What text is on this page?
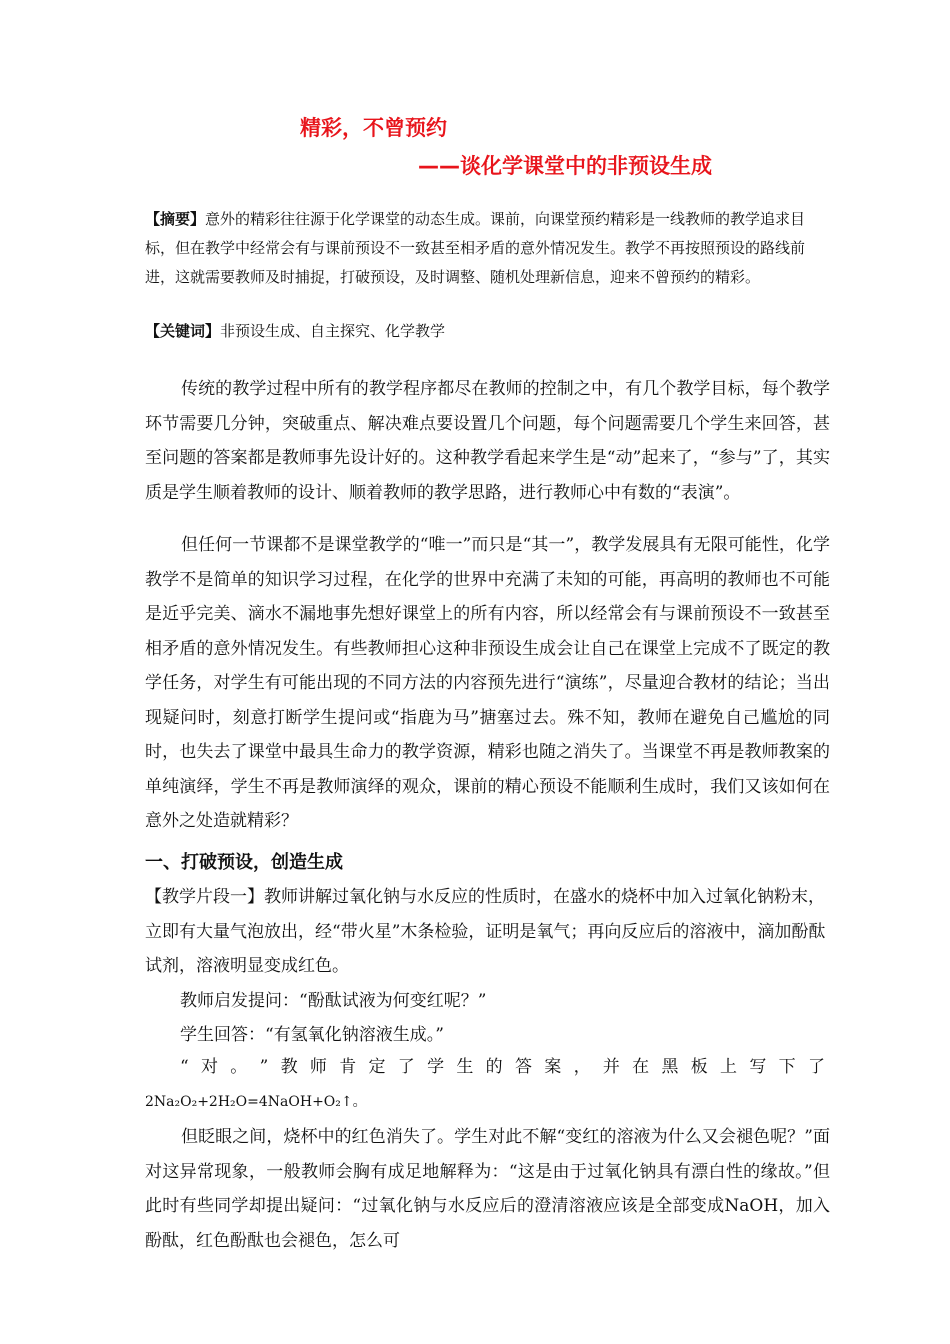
精彩，不曾预约
——谈化学课堂中的非预设生成
【摘要】意外的精彩往往源于化学课堂的动态生成。课前，向课堂预约精彩是一线教师的教学追求目标，但在教学中经常会有与课前预设不一致甚至相矛盾的意外情况发生。教学不再按照预设的路线前进，这就需要教师及时捕捉，打破预设，及时调整、随机处理新信息，迎来不曾预约的精彩。
【关键词】非预设生成、自主探究、化学教学

传统的教学过程中所有的教学程序都尽在教师的控制之中，有几个教学目标，每个教学环节需要几分钟，突破重点、解决难点要设置几个问题，每个问题需要几个学生来回答，甚至问题的答案都是教师事先设计好的。这种教学看起来学生是“动”起来了，“参与”了，其实质是学生顺着教师的设计、顺着教师的教学思路，进行教师心中有数的“表演”。

但任何一节课都不是课堂教学的“唯一”而只是“其一”，教学发展具有无限可能性，化学教学不是简单的知识学习过程，在化学的世界中充满了未知的可能，再高明的教师也不可能是近乎完美、滴水不漏地事先想好课堂上的所有内容，所以经常会有与课前预设不一致甚至相矛盾的意外情况发生。有些教师担心这种非预设生成会让自己在课堂上完成不了既定的教学任务，对学生有可能出现的不同方法的内容预先进行“演练”，尽量迎合教材的结论；当出现疑问时，刻意打断学生提问或“指鹿为马”搪塞过去。殊不知，教师在避免自己尴尬的同时，也失去了课堂中最具生命力的教学资源，精彩也随之消失了。当课堂不再是教师教案的单纯演绎，学生不再是教师演绎的观众，课前的精心预设不能顺利生成时，我们又该如何在意外之处造就精彩？

一、打破预设，创造生成

【教学片段一】教师讲解过氧化钠与水反应的性质时，在盛水的烧杯中加入过氧化钠粉末，立即有大量气泡放出，经“带火星”木条检验，证明是氧气；再向反应后的溶液中，滴加酚酞试剂，溶液明显变成红色。

教师启发提问：“酚酞试液为何变红呢？”
学生回答：“有氢氧化钠溶液生成。”
“ 对 。 ” 教 师 肯 定 了 学 生 的 答 案 ， 并 在 黑 板 上 写 下 了
2Na₂O₂+2H₂O=4NaOH+O₂↑。

但眨眼之间，烧杯中的红色消失了。学生对此不解“变红的溶液为什么又会褪色呢？”面对这异常现象，一般教师会胸有成足地解释为：“这是由于过氧化钠具有漂白性的缘故。”但此时有些同学却提出疑问：“过氧化钠与水反应后的澄清溶液应该是全部变成NaOH，加入酚酞，红色酚酞也会褪色，怎么可
